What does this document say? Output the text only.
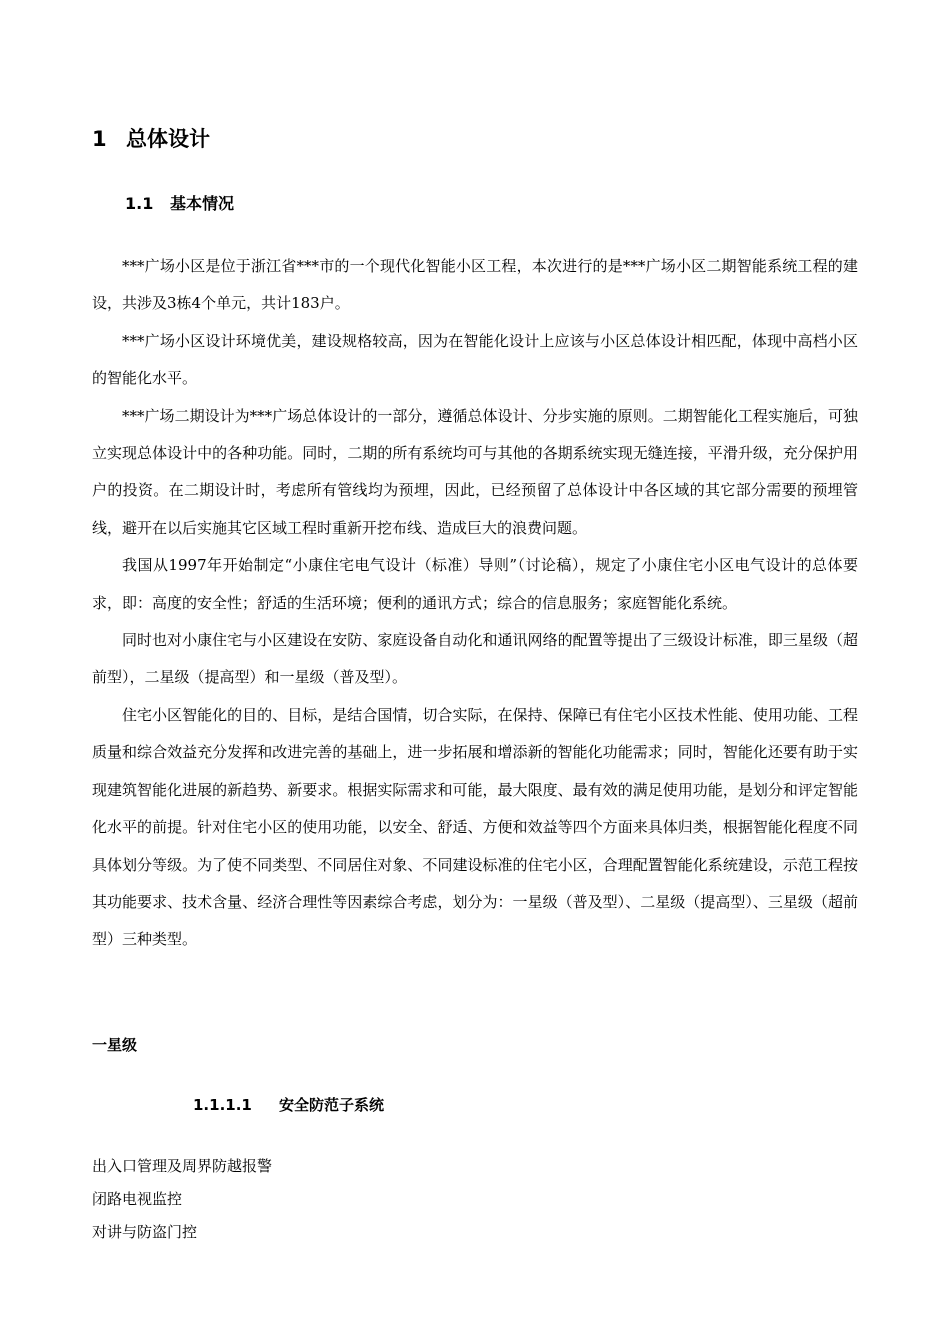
1 总体设计
1.1 基本情况

***广场小区是位于浙江省***市的一个现代化智能小区工程，本次进行的是***广场小区二期智能系统工程的建设，共涉及3栋4个单元，共计183户。

***广场小区设计环境优美，建设规格较高，因为在智能化设计上应该与小区总体设计相匹配，体现中高档小区的智能化水平。

***广场二期设计为***广场总体设计的一部分，遵循总体设计、分步实施的原则。二期智能化工程实施后，可独立实现总体设计中的各种功能。同时，二期的所有系统均可与其他的各期系统实现无缝连接，平滑升级，充分保护用户的投资。在二期设计时，考虑所有管线均为预埋，因此，已经预留了总体设计中各区域的其它部分需要的预埋管线，避开在以后实施其它区域工程时重新开挖布线、造成巨大的浪费问题。

我国从1997年开始制定“小康住宅电气设计（标准）导则”（讨论稿），规定了小康住宅小区电气设计的总体要求，即：高度的安全性；舒适的生活环境；便利的通讯方式；综合的信息服务；家庭智能化系统。

同时也对小康住宅与小区建设在安防、家庭设备自动化和通讯网络的配置等提出了三级设计标准，即三星级（超前型），二星级（提高型）和一星级（普及型）。

住宅小区智能化的目的、目标，是结合国情，切合实际，在保持、保障已有住宅小区技术性能、使用功能、工程质量和综合效益充分发挥和改进完善的基础上，进一步拓展和增添新的智能化功能需求；同时，智能化还要有助于实现建筑智能化进展的新趋势、新要求。根据实际需求和可能，最大限度、最有效的满足使用功能，是划分和评定智能化水平的前提。针对住宅小区的使用功能，以安全、舒适、方便和效益等四个方面来具体归类，根据智能化程度不同具体划分等级。为了使不同类型、不同居住对象、不同建设标准的住宅小区，合理配置智能化系统建设，示范工程按其功能要求、技术含量、经济合理性等因素综合考虑，划分为：一星级（普及型）、二星级（提高型）、三星级（超前型）三种类型。

一星级
1.1.1.1 安全防范子系统
出入口管理及周界防越报警
闭路电视监控
对讲与防盗门控
